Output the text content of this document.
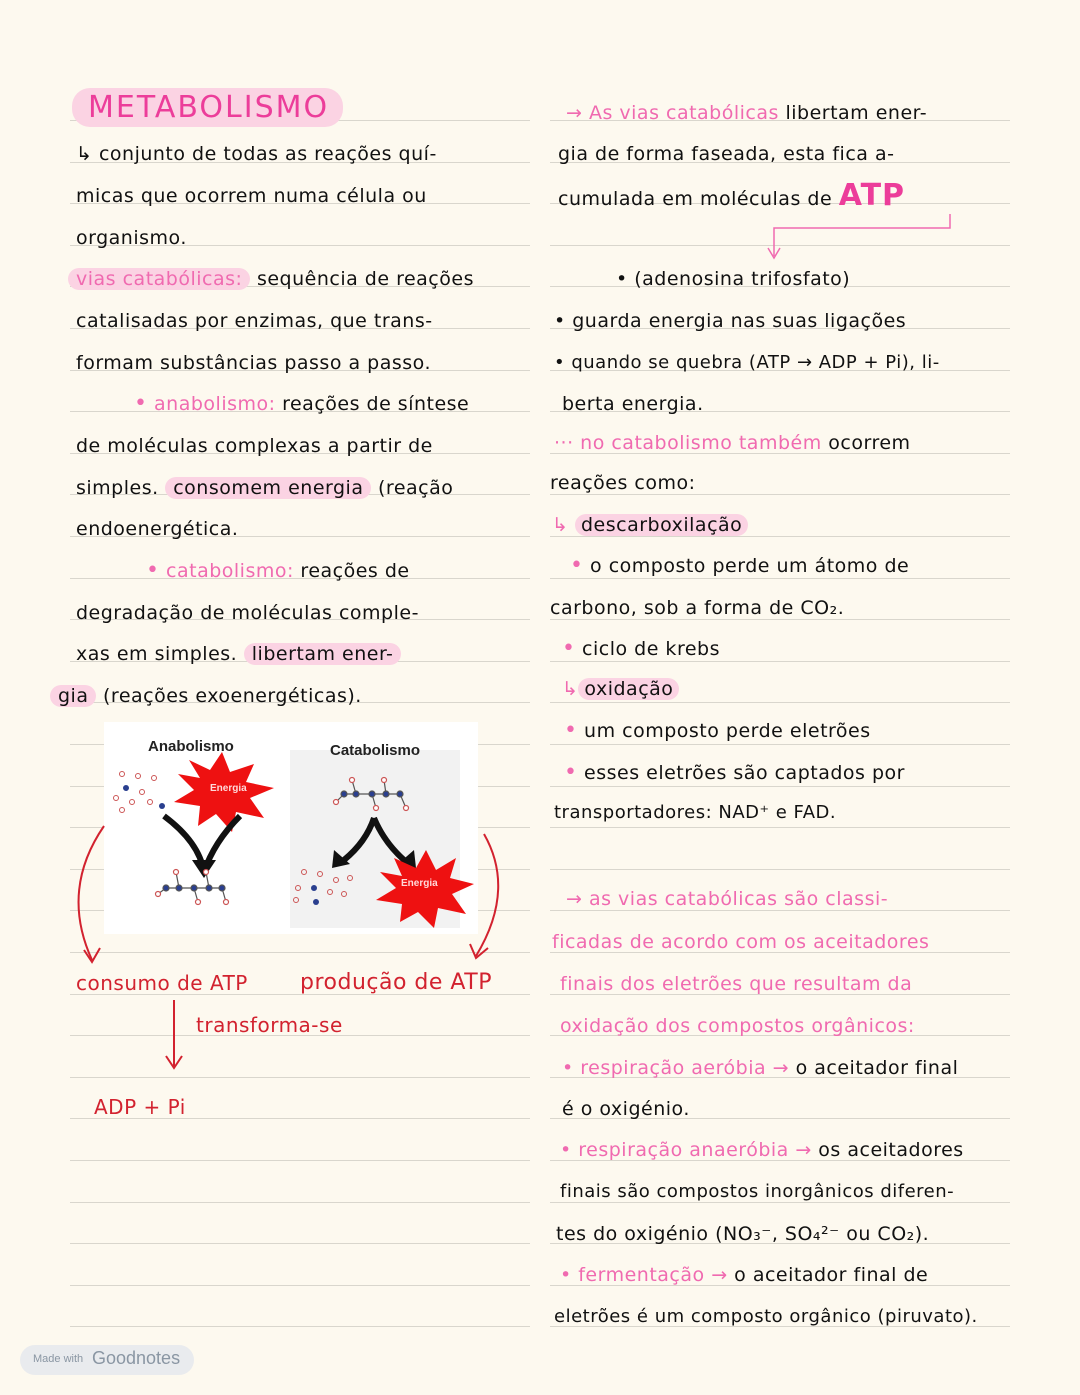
METABOLISMO
↳ conjunto de todas as reações quí-
micas que ocorrem numa célula ou
organismo.
vias catabólicas: sequência de reações
catalisadas por enzimas, que trans-
formam substâncias passo a passo.
• anabolismo: reações de síntese
de moléculas complexas a partir de
simples. consomem energia (reação
endoenergética.
• catabolismo: reações de
degradação de moléculas comple-
xas em simples. libertam ener-
gia (reações exoenergéticas).
Anabolismo	Catabolismo
Energia
Energia
consumo de ATP produção de ATP
transforma-se
ADP + Pi
→ As vias catabólicas libertam ener-
gia de forma faseada, esta fica a-
cumulada em moléculas de ATP
• (adenosina trifosfato)
• guarda energia nas suas ligações
• quando se quebra (ATP → ADP + Pi), li-
berta energia.
··· no catabolismo também ocorrem
reações como:
↳ descarboxilação
• o composto perde um átomo de
carbono, sob a forma de CO₂.
• ciclo de krebs
↳ oxidação
• um composto perde eletrões
• esses eletrões são captados por
transportadores: NAD⁺ e FAD.
→ as vias catabólicas são classi-
ficadas de acordo com os aceitadores
finais dos eletrões que resultam da
oxidação dos compostos orgânicos:
• respiração aeróbia → o aceitador final
é o oxigénio.
• respiração anaeróbia → os aceitadores
finais são compostos inorgânicos diferen-
tes do oxigénio (NO₃⁻, SO₄²⁻ ou CO₂).
• fermentação → o aceitador final de
eletrões é um composto orgânico (piruvato).
Made with Goodnotes
